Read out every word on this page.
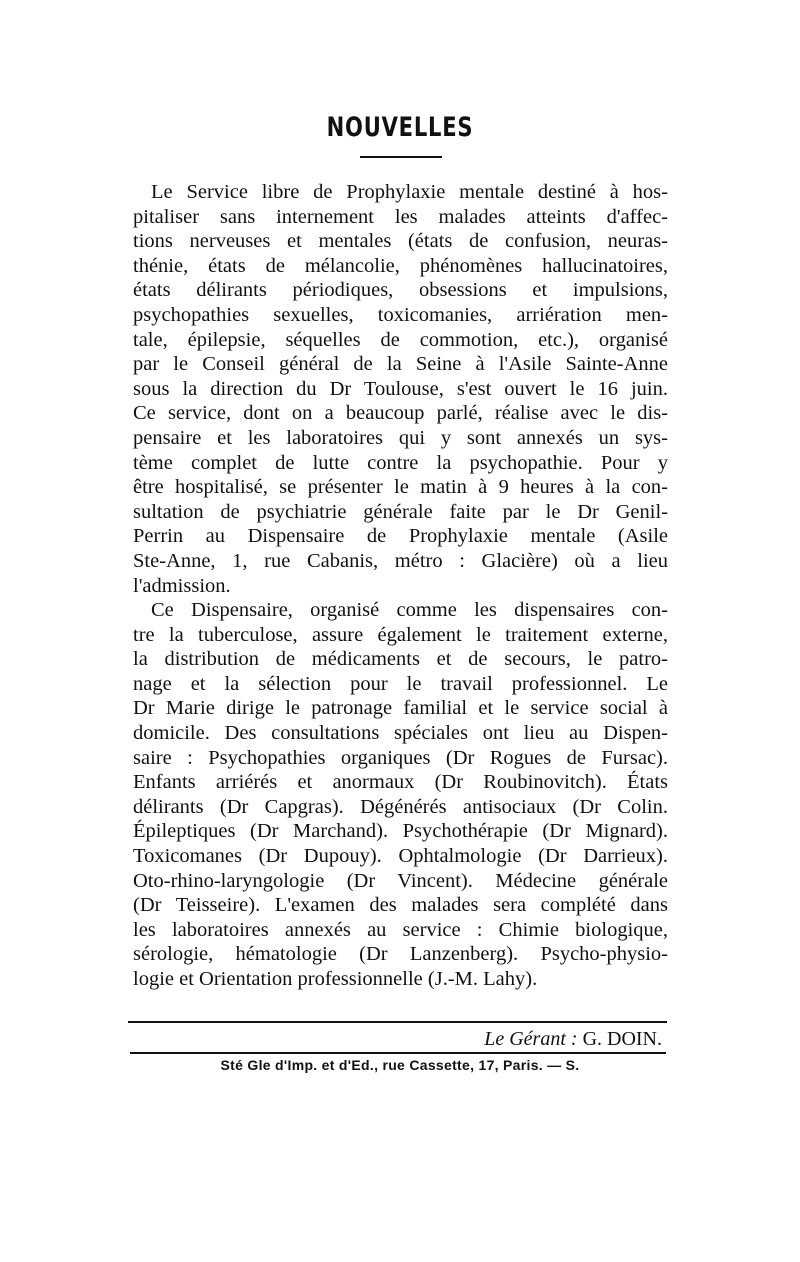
NOUVELLES
Le Service libre de Prophylaxie mentale destiné à hos-
pitaliser sans internement les malades atteints d'affec-
tions nerveuses et mentales (états de confusion, neuras-
thénie, états de mélancolie, phénomènes hallucinatoires,
états délirants périodiques, obsessions et impulsions,
psychopathies sexuelles, toxicomanies, arriération men-
tale, épilepsie, séquelles de commotion, etc.), organisé
par le Conseil général de la Seine à l'Asile Sainte-Anne
sous la direction du Dr Toulouse, s'est ouvert le 16 juin.
Ce service, dont on a beaucoup parlé, réalise avec le dis-
pensaire et les laboratoires qui y sont annexés un sys-
tème complet de lutte contre la psychopathie. Pour y
être hospitalisé, se présenter le matin à 9 heures à la con-
sultation de psychiatrie générale faite par le Dr Genil-
Perrin au Dispensaire de Prophylaxie mentale (Asile
Ste-Anne, 1, rue Cabanis, métro : Glacière) où a lieu
l'admission.
Ce Dispensaire, organisé comme les dispensaires con-
tre la tuberculose, assure également le traitement externe,
la distribution de médicaments et de secours, le patro-
nage et la sélection pour le travail professionnel. Le
Dr Marie dirige le patronage familial et le service social à
domicile. Des consultations spéciales ont lieu au Dispen-
saire : Psychopathies organiques (Dr Rogues de Fursac).
Enfants arriérés et anormaux (Dr Roubinovitch). États
délirants (Dr Capgras). Dégénérés antisociaux (Dr Colin.
Épileptiques (Dr Marchand). Psychothérapie (Dr Mignard).
Toxicomanes (Dr Dupouy). Ophtalmologie (Dr Darrieux).
Oto-rhino-laryngologie (Dr Vincent). Médecine générale
(Dr Teisseire). L'examen des malades sera complété dans
les laboratoires annexés au service : Chimie biologique,
sérologie, hématologie (Dr Lanzenberg). Psycho-physio-
logie et Orientation professionnelle (J.-M. Lahy).
Le Gérant : G. DOIN.
Sté Gle d'Imp. et d'Ed., rue Cassette, 17, Paris. — S.
